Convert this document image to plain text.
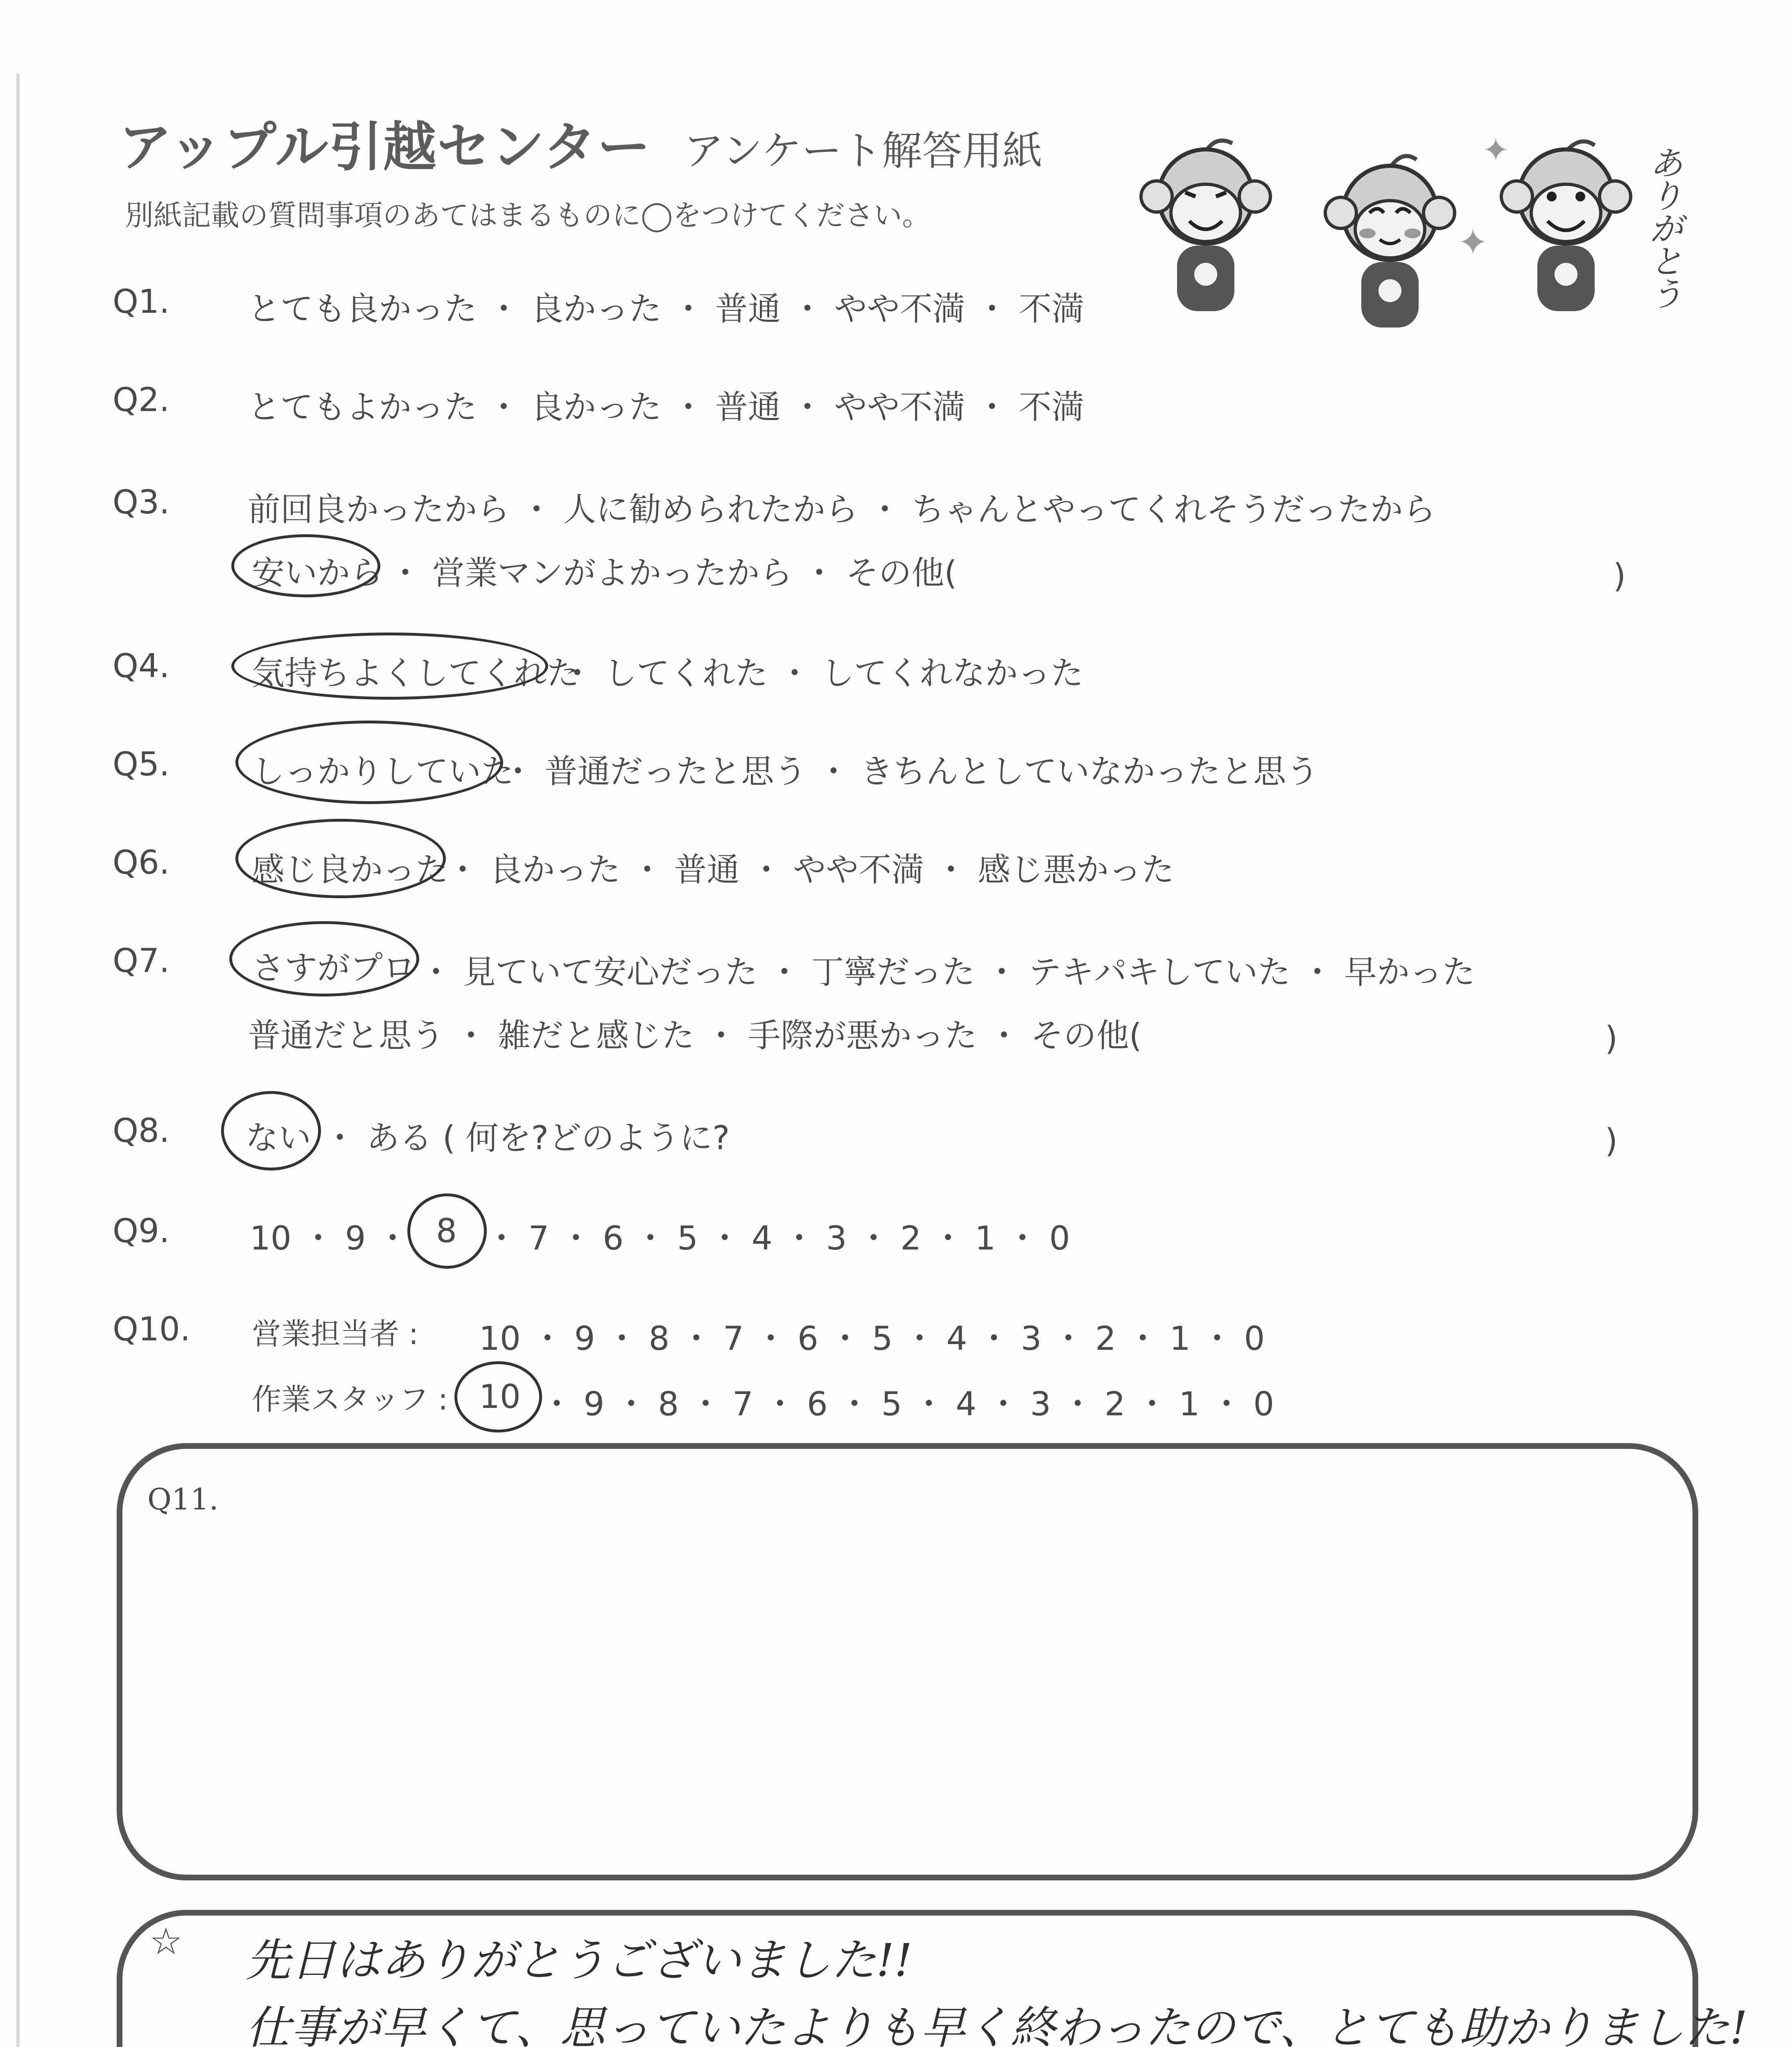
アップル引越センター アンケート解答用紙
別紙記載の質問事項のあてはまるものに◯をつけてください。
✦
✦
ありがとう
Q1. とても良かった ・ 良かった ・ 普通 ・ やや不満 ・ 不満
Q2. とてもよかった ・ 良かった ・ 普通 ・ やや不満 ・ 不満
Q3. 前回良かったから ・ 人に勧められたから ・ ちゃんとやってくれそうだったから
安いから ・ 営業マンがよかったから ・ その他(	)
Q4.	気持ちよくしてくれた
・ してくれた ・ してくれなかった
Q5.	しっかりしていた
・ 普通だったと思う ・ きちんとしていなかったと思う
Q6.	感じ良かった
・ 良かった ・ 普通 ・ やや不満 ・ 感じ悪かった
Q7.	さすがプロ ・ 見ていて安心だった ・ 丁寧だった ・ テキパキしていた ・ 早かった
普通だと思う ・ 雑だと感じた ・ 手際が悪かった ・ その他(	)
Q8. ない ・ ある ( 何を?どのように?	)
Q9. 10 ・ 9 ・ 8 ・ 7 ・ 6 ・ 5 ・ 4 ・ 3 ・ 2 ・ 1 ・ 0
Q10. 営業担当者 : 10 ・ 9 ・ 8 ・ 7 ・ 6 ・ 5 ・ 4 ・ 3 ・ 2 ・ 1 ・ 0
作業スタッフ : 10 ・ 9 ・ 8 ・ 7 ・ 6 ・ 5 ・ 4 ・ 3 ・ 2 ・ 1 ・ 0
Q11.
☆ 先日はありがとうございました!!
仕事が早くて、思っていたよりも早く終わったので、とても助かりました!
